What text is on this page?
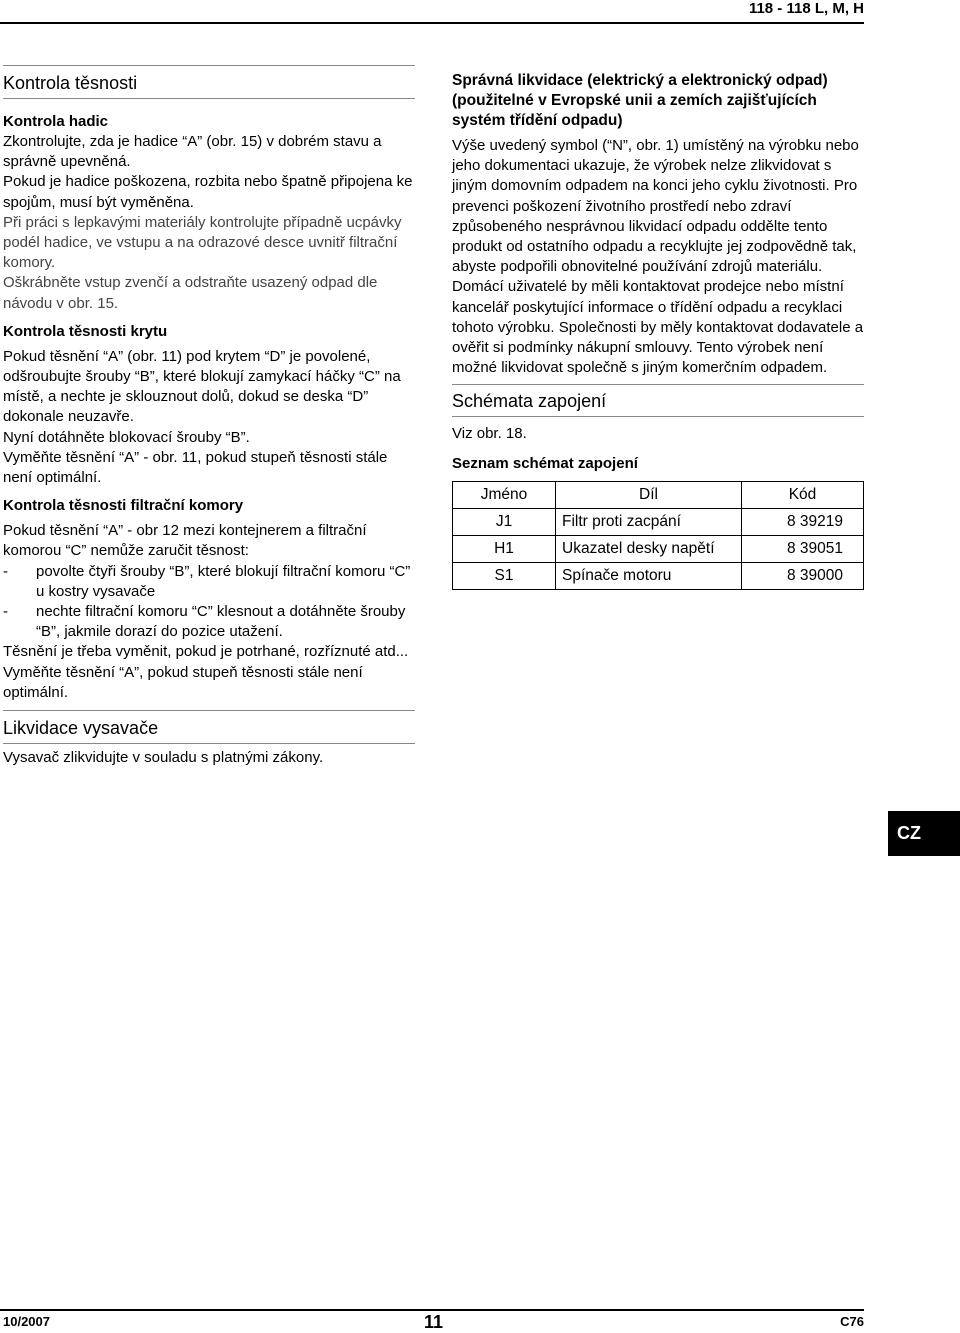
118 - 118 L, M, H
Kontrola těsnosti
Kontrola hadic

Zkontrolujte, zda je hadice “A” (obr. 15) v dobrém stavu a správně upevněná.

Pokud je hadice poškozena, rozbita nebo špatně připojena ke spojům, musí být vyměněna.

Při práci s lepkavými materiály kontrolujte případně ucpávky podél hadice, ve vstupu a na odrazové desce uvnitř filtrační komory.

Oškrábněte vstup zvenčí a odstraňte usazený odpad dle návodu v obr. 15.

Kontrola těsnosti krytu

Pokud těsnění “A” (obr. 11) pod krytem “D” je povolené, odšroubujte šrouby “B”, které blokují zamykací háčky “C” na místě, a nechte je sklouznout dolů, dokud se deska “D” dokonale neuzavře.

Nyní dotáhněte blokovací šrouby “B”.

Vyměňte těsnění “A” - obr. 11, pokud stupeň těsnosti stále není optimální.

Kontrola těsnosti filtrační komory

Pokud těsnění “A” - obr 12 mezi kontejnerem a filtrační komorou “C” nemůže zaručit těsnost:

- povolte čtyři šrouby “B”, které blokují filtrační komoru “C” u kostry vysavače
- nechte filtrační komoru “C” klesnout a dotáhněte šrouby “B”, jakmile dorazí do pozice utažení.

Těsnění je třeba vyměnit, pokud je potrhané, rozříznuté atd...

Vyměňte těsnění “A”, pokud stupeň těsnosti stále není optimální.

Likvidace vysavače

Vysavač zlikvidujte v souladu s platnými zákony.

Správná likvidace (elektrický a elektronický odpad) (použitelné v Evropské unii a zemích zajišťujících systém třídění odpadu)

Výše uvedený symbol (“N”, obr. 1) umístěný na výrobku nebo jeho dokumentaci ukazuje, že výrobek nelze zlikvidovat s jiným domovním odpadem na konci jeho cyklu životnosti. Pro prevenci poškození životního prostředí nebo zdraví způsobeného nesprávnou likvidací odpadu oddělte tento produkt od ostatního odpadu a recyklujte jej zodpovědně tak, abyste podpořili obnovitelné používání zdrojů materiálu.

Domácí uživatelé by měli kontaktovat prodejce nebo místní kancelář poskytující informace o třídění odpadu a recyklaci tohoto výrobku. Společnosti by měly kontaktovat dodavatele a ověřit si podmínky nákupní smlouvy. Tento výrobek není možné likvidovat společně s jiným komerčním odpadem.

Schémata zapojení

Viz obr. 18.

Seznam schémat zapojení
Jméno	Díl	Kód
J1	Filtr proti zacpání	8 39219
H1	Ukazatel desky napětí	8 39051
S1	Spínače motoru	8 39000
CZ
10/2007	11	C76
